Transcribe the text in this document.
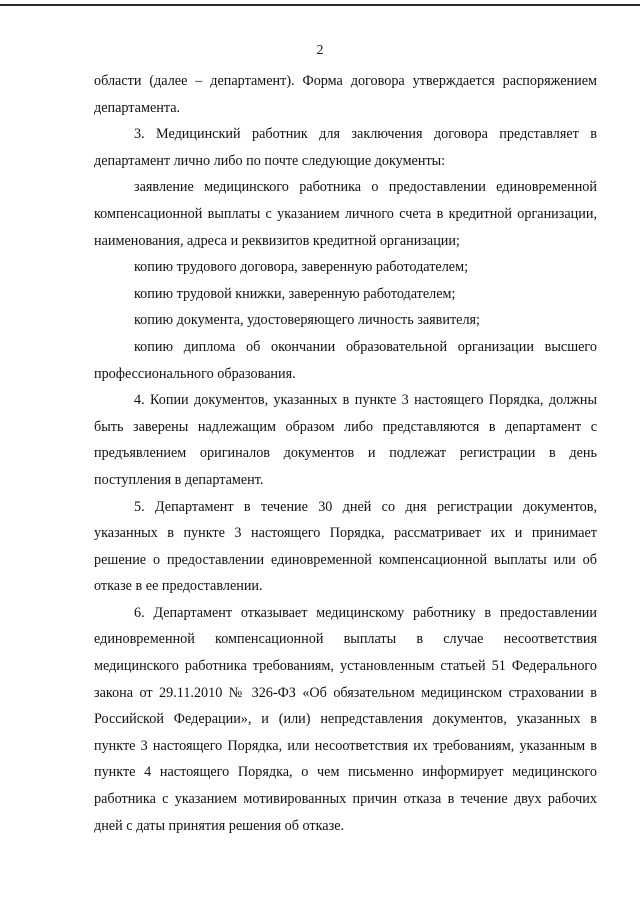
2

области (далее – департамент). Форма договора утверждается распоряжением департамента.

3. Медицинский работник для заключения договора представляет в департамент лично либо по почте следующие документы:

заявление медицинского работника о предоставлении единовременной компенсационной выплаты с указанием личного счета в кредитной организации, наименования, адреса и реквизитов кредитной организации;

копию трудового договора, заверенную работодателем;

копию трудовой книжки, заверенную работодателем;

копию документа, удостоверяющего личность заявителя;

копию диплома об окончании образовательной организации высшего профессионального образования.

4. Копии документов, указанных в пункте 3 настоящего Порядка, должны быть заверены надлежащим образом либо представляются в департамент с предъявлением оригиналов документов и подлежат регистрации в день поступления в департамент.

5. Департамент в течение 30 дней со дня регистрации документов, указанных в пункте 3 настоящего Порядка, рассматривает их и принимает решение о предоставлении единовременной компенсационной выплаты или об отказе в ее предоставлении.

6. Департамент отказывает медицинскому работнику в предоставлении единовременной компенсационной выплаты в случае несоответствия медицинского работника требованиям, установленным статьей 51 Федерального закона от 29.11.2010 № 326-ФЗ «Об обязательном медицинском страховании в Российской Федерации», и (или) непредставления документов, указанных в пункте 3 настоящего Порядка, или несоответствия их требованиям, указанным в пункте 4 настоящего Порядка, о чем письменно информирует медицинского работника с указанием мотивированных причин отказа в течение двух рабочих дней с даты принятия решения об отказе.
